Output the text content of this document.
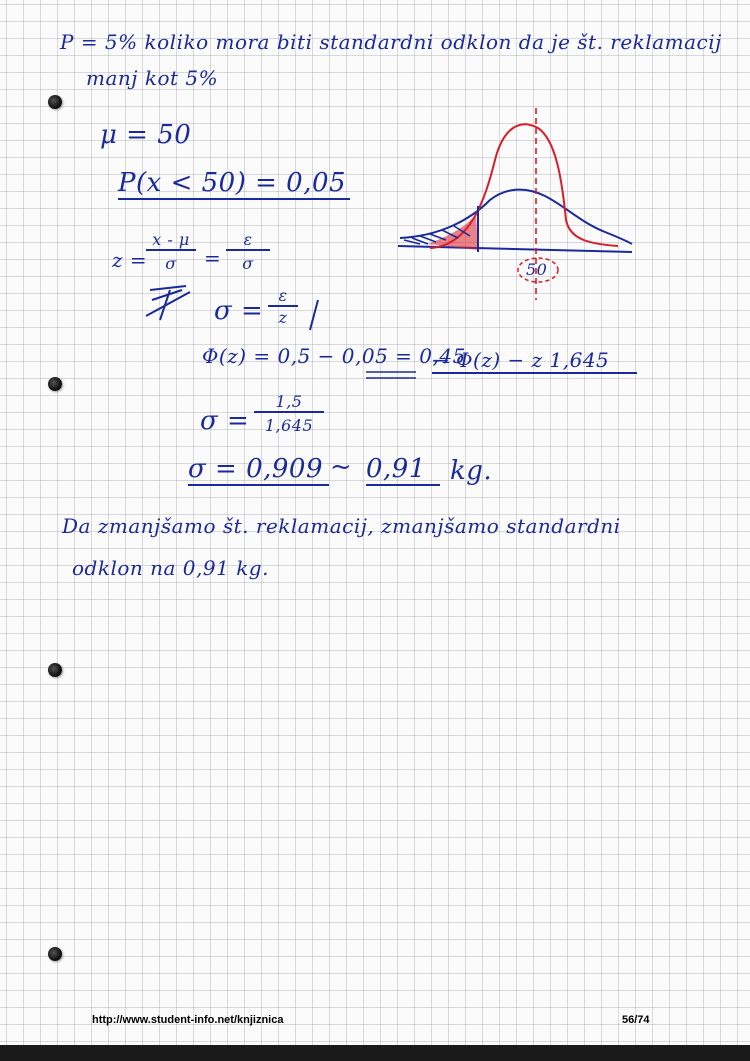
P = 5% koliko mora biti standardni odklon da je št. reklamacij
manj kot 5%
μ = 50
P(x < 50) = 0,05
z =
x - μ
σ	=
ε
σ
σ =
ε
z
Φ(z) = 0,5 − 0,05 = 0,45
→ Φ(z) − z 1,645
σ =
1,5
1,645
σ = 0,909 ~ 0,91 kg.
Da zmanjšamo št. reklamacij, zmanjšamo standardni
odklon na 0,91 kg.
50
http://www.student-info.net/knjiznica	56/74
